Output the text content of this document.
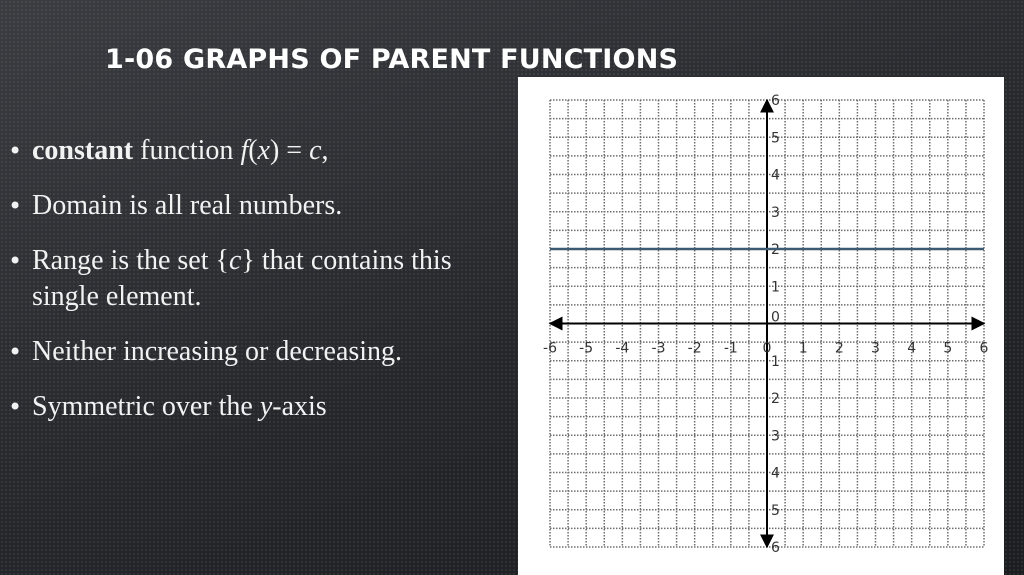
1-06 GRAPHS OF PARENT FUNCTIONS
• constant function f(x) = c,
• Domain is all real numbers.
• Range is the set {c} that contains this single element.
• Neither increasing or decreasing.
• Symmetric over the y-axis
-6 -5 -4 -3 -2 -1 0 1 2 3 4 5 6
6
5
4
3
2
1
1
2
3
4
5
6
0
